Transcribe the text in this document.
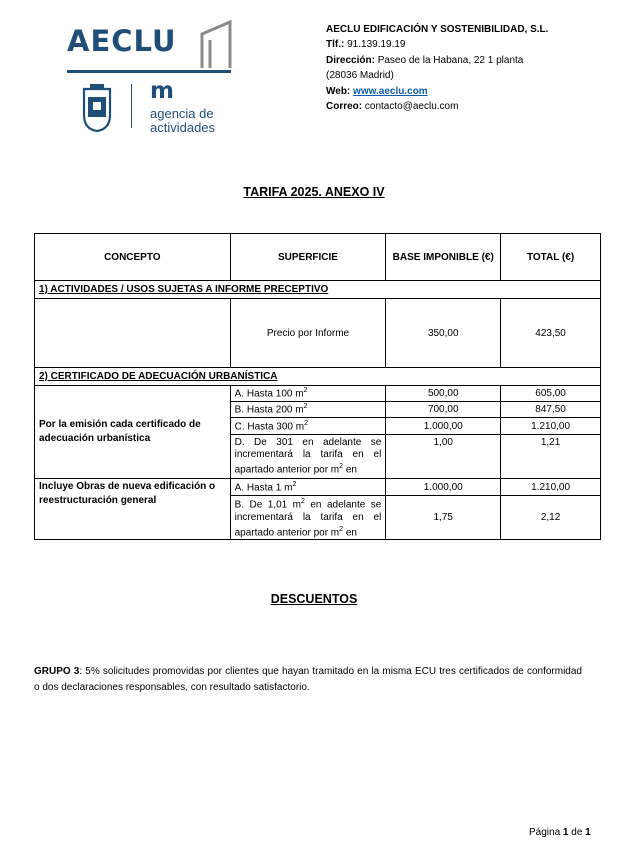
AECLU
m
agencia de
actividades
AECLU EDIFICACIÓN Y SOSTENIBILIDAD, S.L.
Tlf.: 91.139.19.19
Dirección: Paseo de la Habana, 22 1 planta
(28036 Madrid)
Web: www.aeclu.com
Correo: contacto@aeclu.com
TARIFA 2025. ANEXO IV
CONCEPTO	SUPERFICIE	BASE IMPONIBLE (€)	TOTAL (€)
1) ACTIVIDADES / USOS SUJETAS A INFORME PRECEPTIVO			
	Precio por Informe	350,00	423,50
2) CERTIFICADO DE ADECUACIÓN URBANÍSTICA			
Por la emisión cada certificado de adecuación urbanística	A. Hasta 100 $m^2$	500,00	605,00
	B. Hasta 200 $m^2$	700,00	847,50
	C. Hasta 300 $m^2$	1.000,00	1.210,00
	D. De 301 en adelante se incrementará la tarifa en el apartado anterior por $m^2$ en	1,00	1,21
Incluye Obras de nueva edificación o reestructuración general	A. Hasta 1 $m^2$	1.000,00	1.210,00
	B. De 1,01 $m^2$ en adelante se incrementará la tarifa en el apartado anterior por $m^2$ en	1,75	2,12
DESCUENTOS
GRUPO 3: 5% solicitudes promovidas por clientes que hayan tramitado en la misma ECU tres certificados de conformidad o dos declaraciones responsables, con resultado satisfactorio.
Página 1 de 1
